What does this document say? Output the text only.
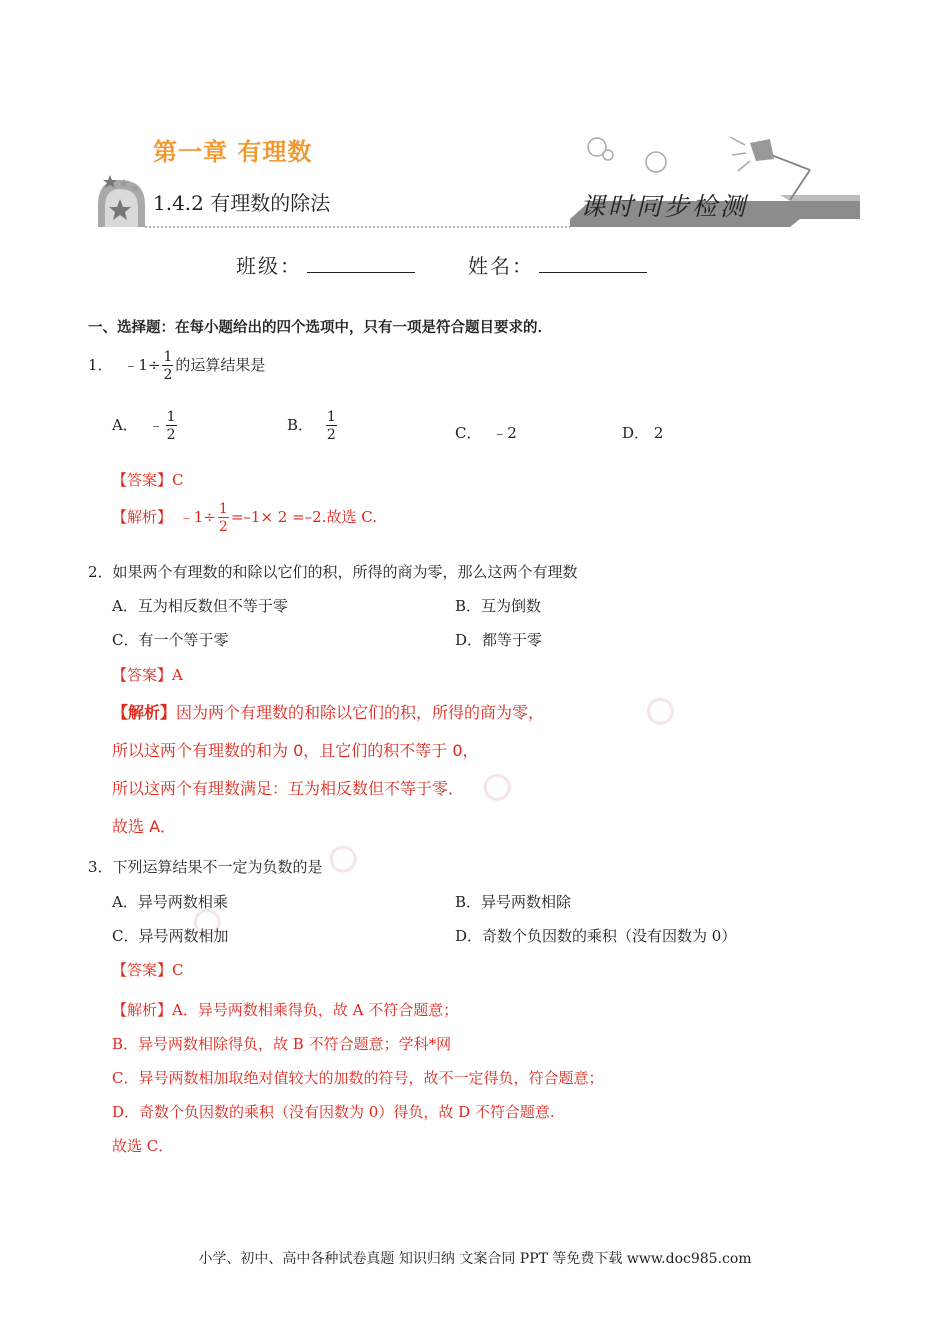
第一章 有理数
1.4.2 有理数的除法	课时同步检测
班级：	姓名：
一、选择题：在每小题给出的四个选项中，只有一项是符合题目要求的．
1． ﹣1÷ $\frac{1}{2}$ 的运算结果是
A． ﹣ $\frac{1}{2}$	B． $\frac{1}{2}$	C． ﹣2	D． 2
【答案】C
【解析】 ﹣1÷ $\frac{1}{2} =-1\times 2 =-2$.故选 C.
2．如果两个有理数的和除以它们的积，所得的商为零，那么这两个有理数
A．互为相反数但不等于零	B．互为倒数
C．有一个等于零	D．都等于零
【答案】A
【解析】因为两个有理数的和除以它们的积，所得的商为零，
所以这两个有理数的和为 0，且它们的积不等于 0，
所以这两个有理数满足：互为相反数但不等于零．
故选 A．
3．下列运算结果不一定为负数的是
A．异号两数相乘	B．异号两数相除
C．异号两数相加	D．奇数个负因数的乘积（没有因数为 0）
【答案】C
【解析】A．异号两数相乘得负，故 A 不符合题意；
B．异号两数相除得负，故 B 不符合题意；学科*网
C．异号两数相加取绝对值较大的加数的符号，故不一定得负，符合题意；
D．奇数个负因数的乘积（没有因数为 0）得负，故 D 不符合题意.
故选 C．
小学、初中、高中各种试卷真题 知识归纳 文案合同 PPT 等免费下载 www.doc985.com
